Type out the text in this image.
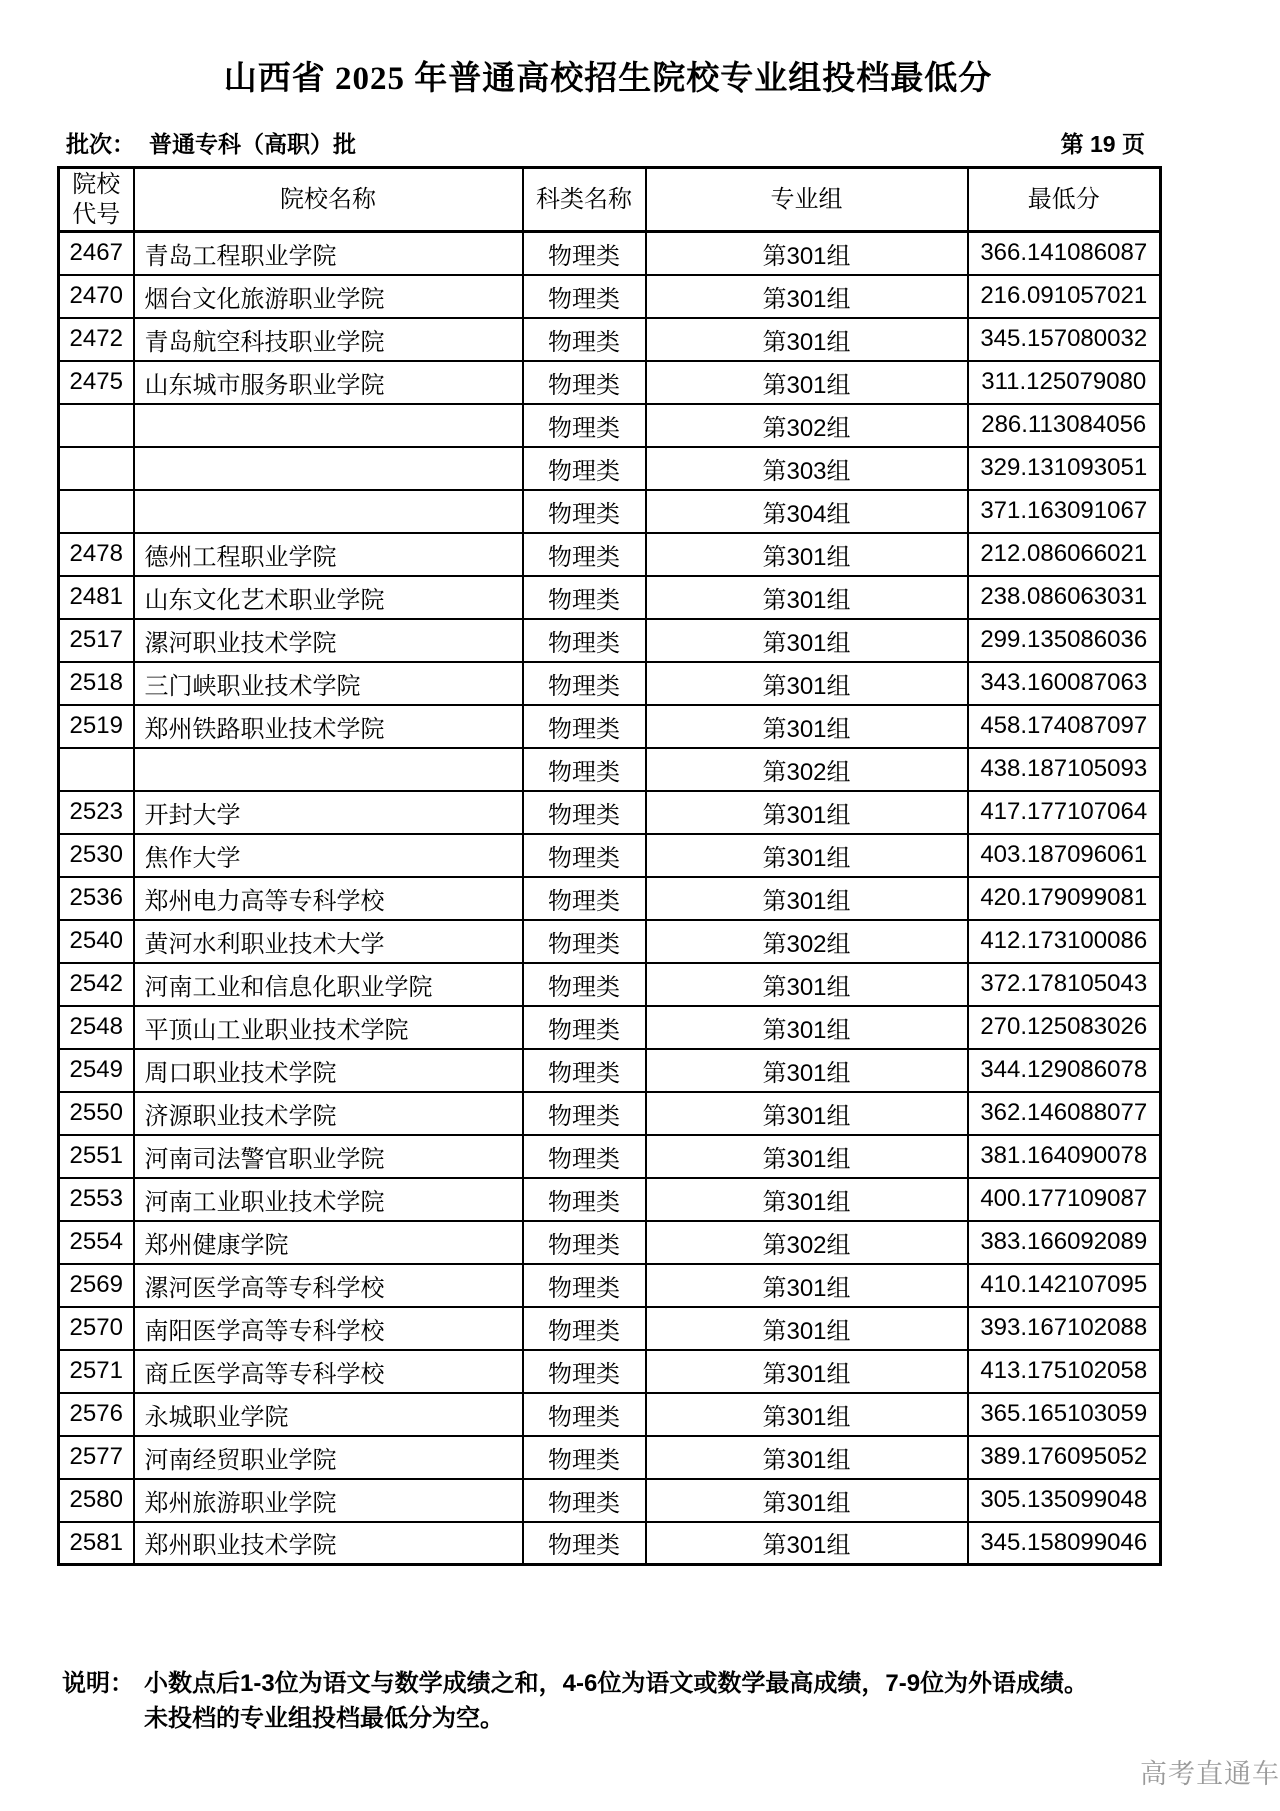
山西省 2025 年普通高校招生院校专业组投档最低分
批次： 普通专科（高职）批	第 19 页
院校
代号	院校名称	科类名称	专业组	最低分
2467	青岛工程职业学院	物理类	第301组	366.141086087
2470	烟台文化旅游职业学院	物理类	第301组	216.091057021
2472	青岛航空科技职业学院	物理类	第301组	345.157080032
2475	山东城市服务职业学院	物理类	第301组	311.125079080
		物理类	第302组	286.113084056
		物理类	第303组	329.131093051
		物理类	第304组	371.163091067
2478	德州工程职业学院	物理类	第301组	212.086066021
2481	山东文化艺术职业学院	物理类	第301组	238.086063031
2517	漯河职业技术学院	物理类	第301组	299.135086036
2518	三门峡职业技术学院	物理类	第301组	343.160087063
2519	郑州铁路职业技术学院	物理类	第301组	458.174087097
		物理类	第302组	438.187105093
2523	开封大学	物理类	第301组	417.177107064
2530	焦作大学	物理类	第301组	403.187096061
2536	郑州电力高等专科学校	物理类	第301组	420.179099081
2540	黄河水利职业技术大学	物理类	第302组	412.173100086
2542	河南工业和信息化职业学院	物理类	第301组	372.178105043
2548	平顶山工业职业技术学院	物理类	第301组	270.125083026
2549	周口职业技术学院	物理类	第301组	344.129086078
2550	济源职业技术学院	物理类	第301组	362.146088077
2551	河南司法警官职业学院	物理类	第301组	381.164090078
2553	河南工业职业技术学院	物理类	第301组	400.177109087
2554	郑州健康学院	物理类	第302组	383.166092089
2569	漯河医学高等专科学校	物理类	第301组	410.142107095
2570	南阳医学高等专科学校	物理类	第301组	393.167102088
2571	商丘医学高等专科学校	物理类	第301组	413.175102058
2576	永城职业学院	物理类	第301组	365.165103059
2577	河南经贸职业学院	物理类	第301组	389.176095052
2580	郑州旅游职业学院	物理类	第301组	305.135099048
2581	郑州职业技术学院	物理类	第301组	345.158099046
说明： 小数点后1-3位为语文与数学成绩之和，4-6位为语文或数学最高成绩，7-9位为外语成绩。
未投档的专业组投档最低分为空。
高考直通车
